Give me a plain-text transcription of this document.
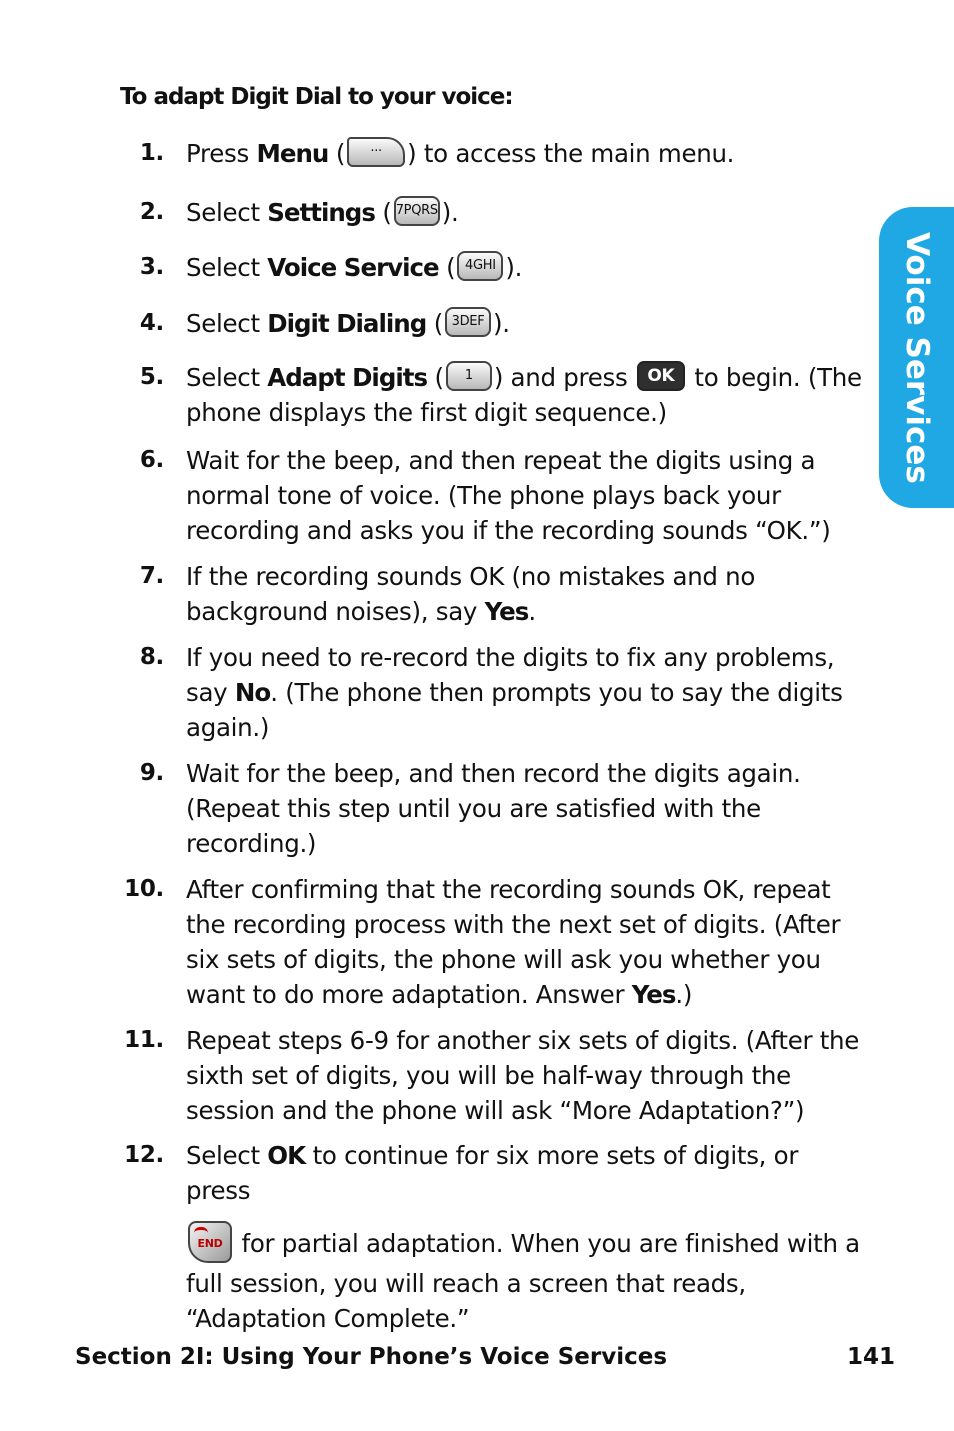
To adapt Digit Dial to your voice:
1. Press Menu ( ··· ) to access the main menu.
2. Select Settings ( 7PQRS ).
3. Select Voice Service ( 4GHI ).
4. Select Digit Dialing ( 3DEF ).
5. Select Adapt Digits ( 1 ) and press OK to begin. (The phone displays the first digit sequence.)
6. Wait for the beep, and then repeat the digits using a normal tone of voice. (The phone plays back your recording and asks you if the recording sounds “OK.”)
7. If the recording sounds OK (no mistakes and no background noises), say Yes.
8. If you need to re-record the digits to fix any problems, say No. (The phone then prompts you to say the digits again.)
9. Wait for the beep, and then record the digits again. (Repeat this step until you are satisfied with the recording.)
10. After confirming that the recording sounds OK, repeat the recording process with the next set of digits. (After six sets of digits, the phone will ask you whether you want to do more adaptation. Answer Yes.)
11. Repeat steps 6-9 for another six sets of digits. (After the sixth set of digits, you will be half-way through the session and the phone will ask “More Adaptation?”)
12. Select OK to continue for six more sets of digits, or press
END for partial adaptation. When you are finished with a full session, you will reach a screen that reads, “Adaptation Complete.”
Voice Services
Section 2I: Using Your Phone’s Voice Services	141
